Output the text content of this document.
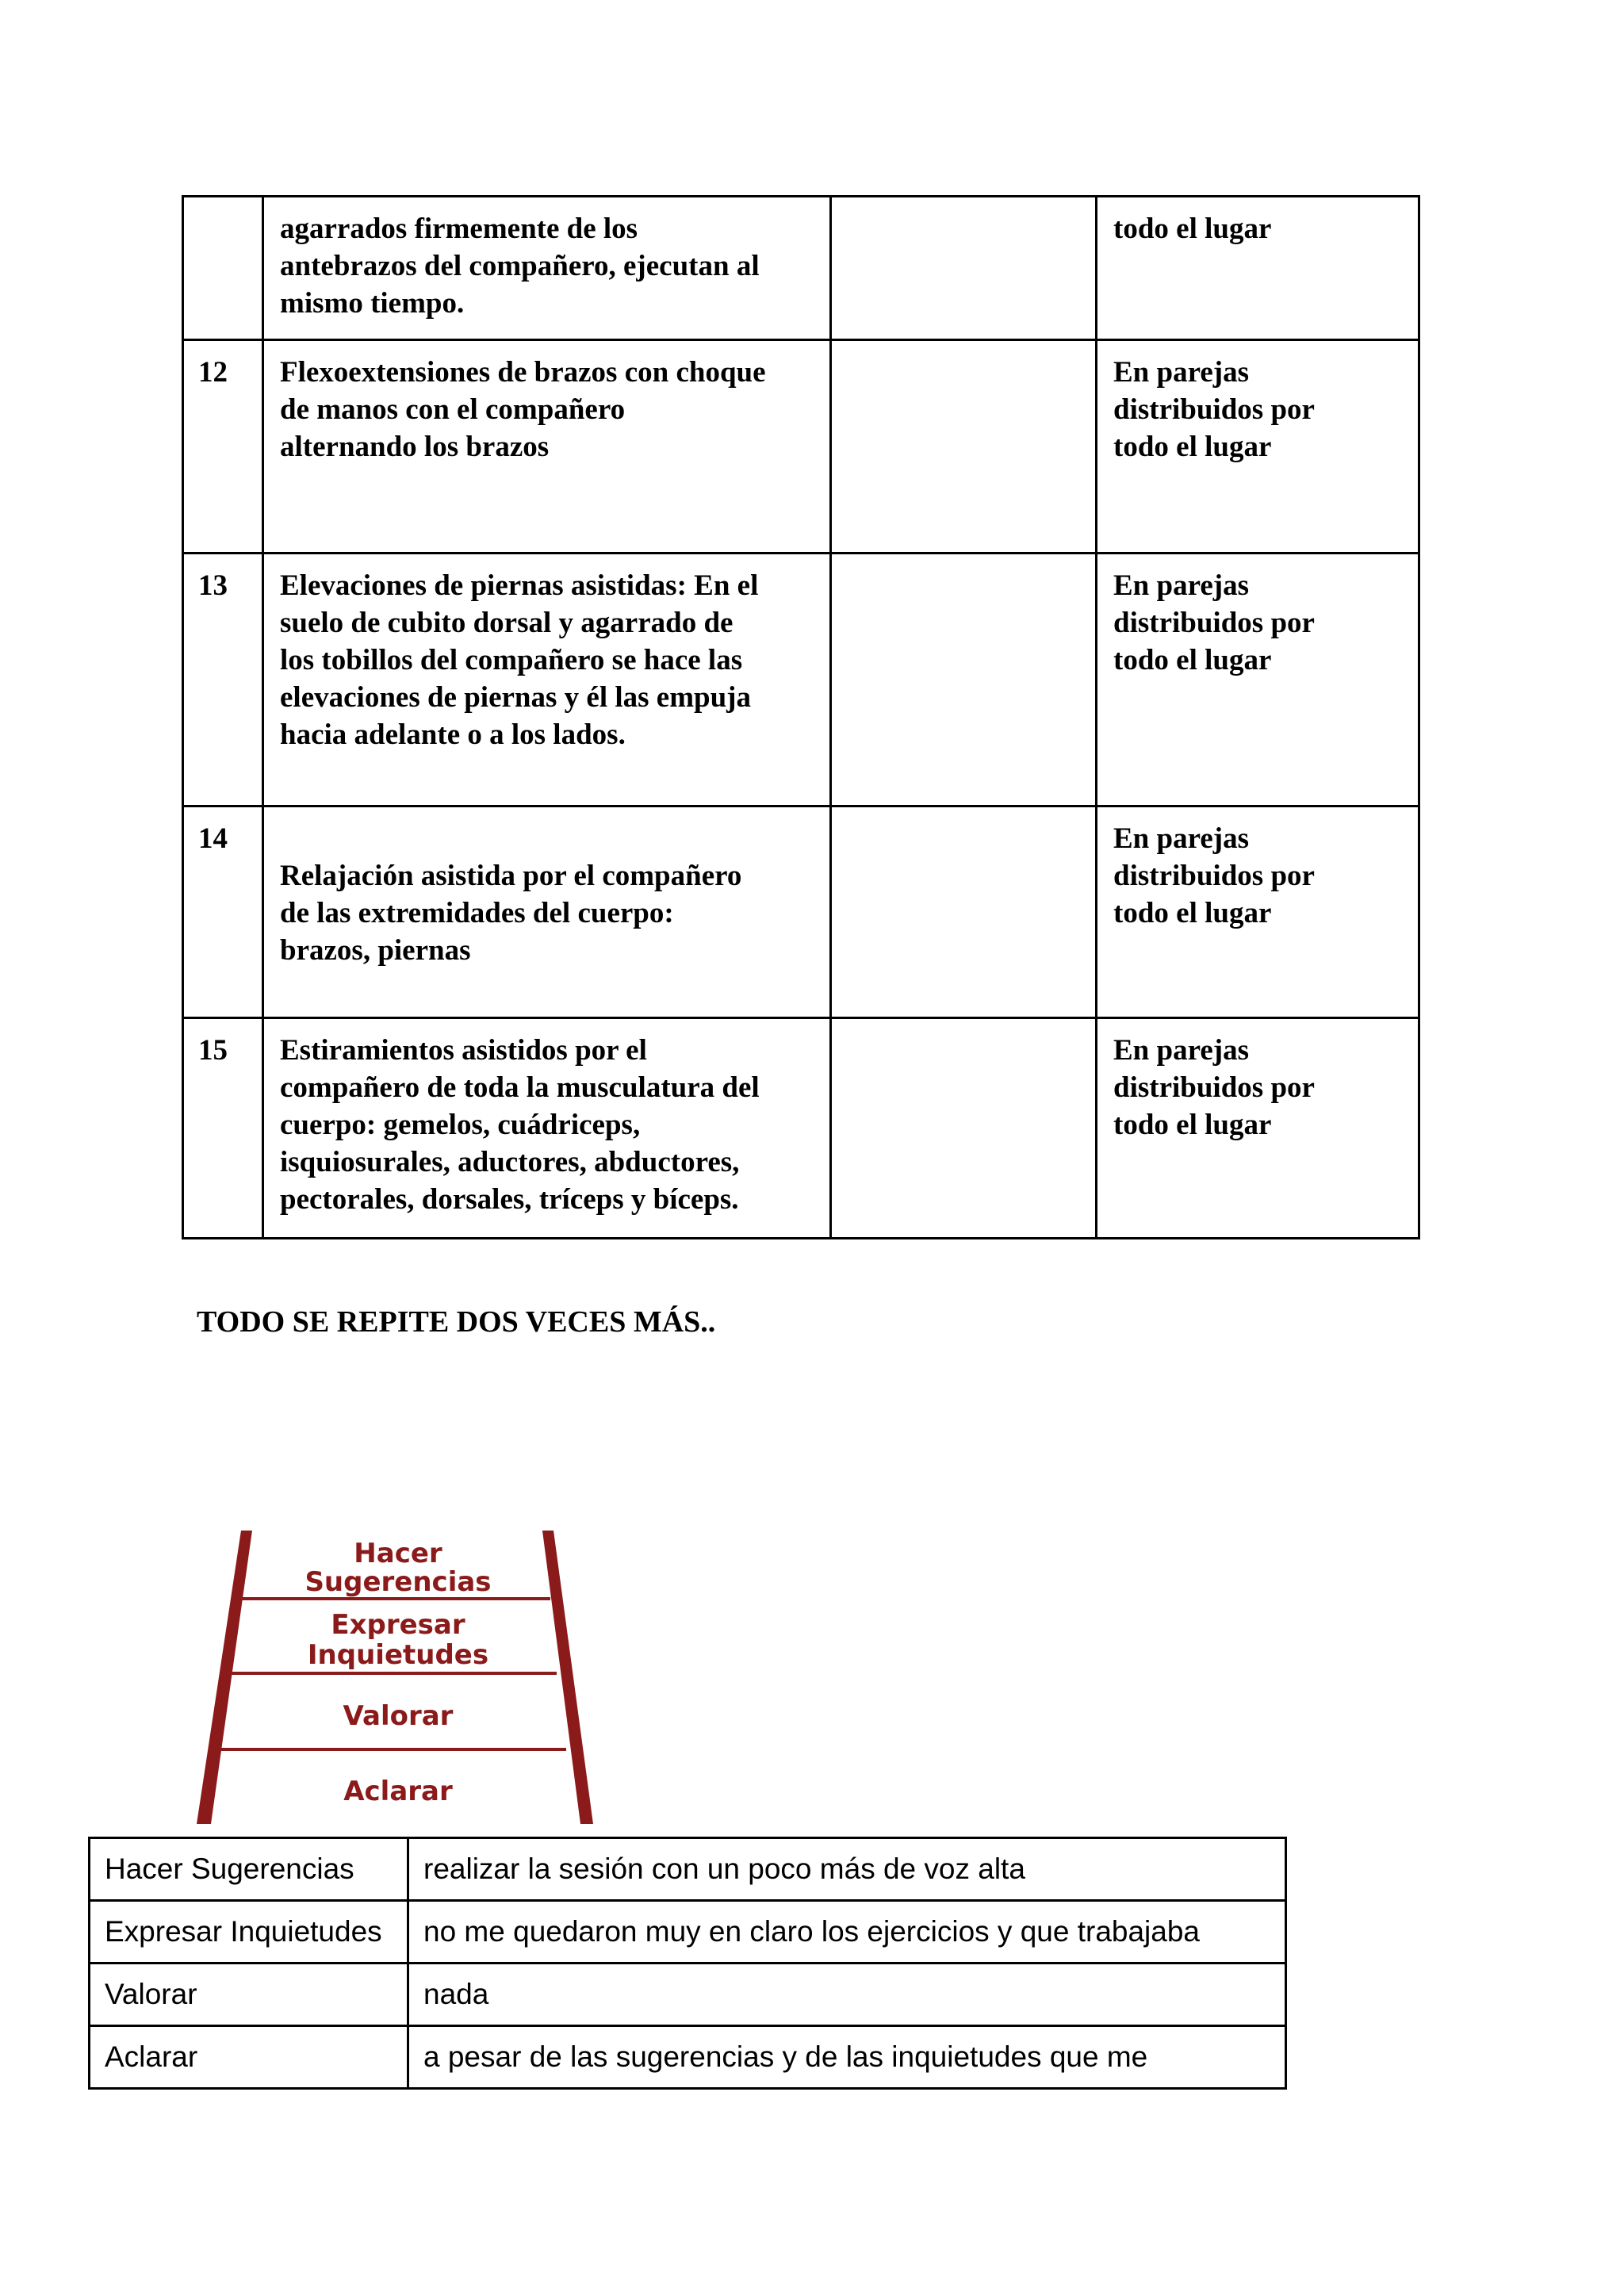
	agarrados firmemente de los
antebrazos del compañero, ejecutan al
mismo tiempo.		todo el lugar

12	Flexoextensiones de brazos con choque
de manos con el compañero
alternando los brazos		En parejas
distribuidos por
todo el lugar

13	Elevaciones de piernas asistidas: En el
suelo de cubito dorsal y agarrado de
los tobillos del compañero se hace las
elevaciones de piernas y él las empuja
hacia adelante o a los lados.		En parejas
distribuidos por
todo el lugar

14	
Relajación asistida por el compañero
de las extremidades del cuerpo:
brazos, piernas		En parejas
distribuidos por
todo el lugar

15	Estiramientos asistidos por el
compañero de toda la musculatura del
cuerpo: gemelos, cuádriceps,
isquiosurales, aductores, abductores,
pectorales, dorsales, tríceps y bíceps.		En parejas
distribuidos por
todo el lugar
TODO SE REPITE DOS VECES MÁS..
Hacer
Sugerencias
Expresar
Inquietudes
Valorar
Aclarar
Hacer Sugerencias	realizar la sesión con un poco más de voz alta
Expresar Inquietudes	no me quedaron muy en claro los ejercicios y que trabajaba
Valorar	nada
Aclarar	a pesar de las sugerencias y de las inquietudes que me
